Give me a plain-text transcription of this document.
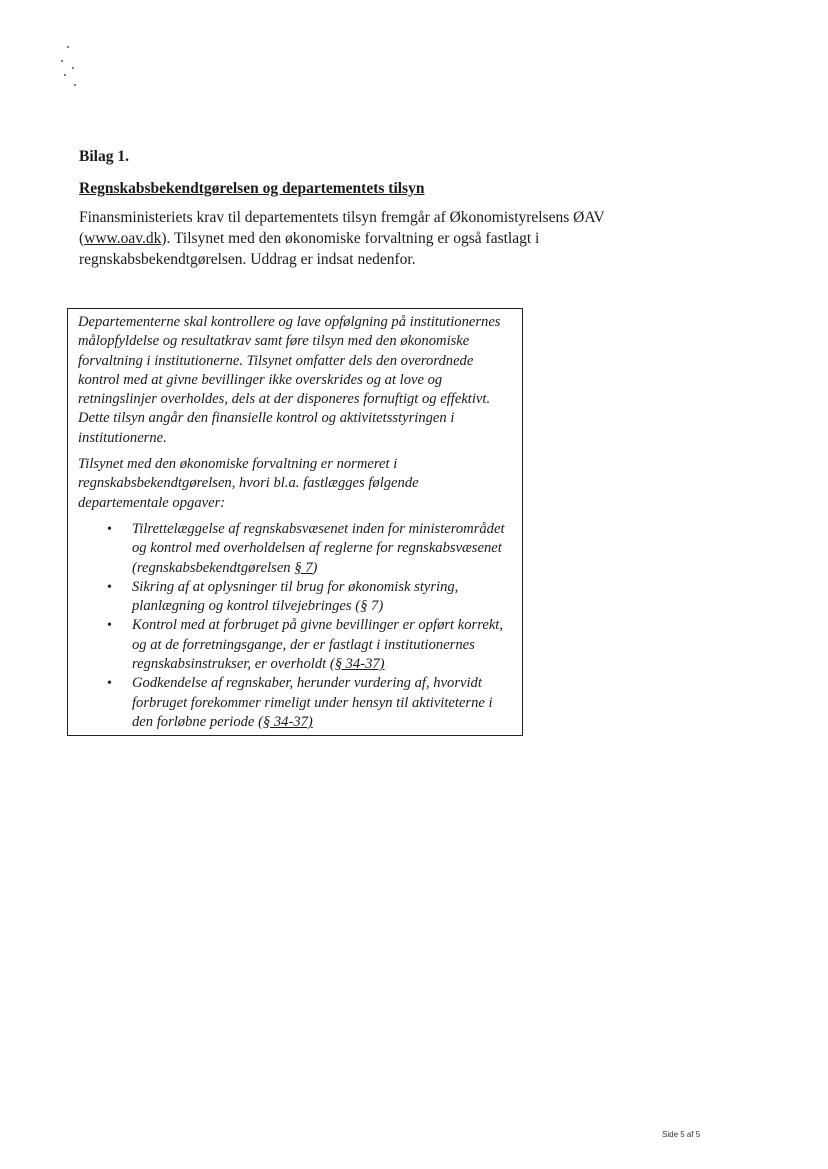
Bilag 1.
Regnskabsbekendtgørelsen og departementets tilsyn
Finansministeriets krav til departementets tilsyn fremgår af Økonomistyrelsens ØAV (www.oav.dk). Tilsynet med den økonomiske forvaltning er også fastlagt i regnskabsbekendtgørelsen. Uddrag er indsat nedenfor.

Departementerne skal kontrollere og lave opfølgning på institutionernes målopfyldelse og resultatkrav samt føre tilsyn med den økonomiske forvaltning i institutionerne. Tilsynet omfatter dels den overordnede kontrol med at givne bevillinger ikke overskrides og at love og retningslinjer overholdes, dels at der disponeres fornuftigt og effektivt. Dette tilsyn angår den finansielle kontrol og aktivitetsstyringen i institutionerne.

Tilsynet med den økonomiske forvaltning er normeret i regnskabsbekendtgørelsen, hvori bl.a. fastlægges følgende departementale opgaver:

• Tilrettelæggelse af regnskabsvæsenet inden for ministerområdet og kontrol med overholdelsen af reglerne for regnskabsvæsenet (regnskabsbekendtgørelsen § 7)
• Sikring af at oplysninger til brug for økonomisk styring, planlægning og kontrol tilvejebringes (§ 7)
• Kontrol med at forbruget på givne bevillinger er opført korrekt, og at de forretningsgange, der er fastlagt i institutionernes regnskabsinstrukser, er overholdt (§ 34-37)
• Godkendelse af regnskaber, herunder vurdering af, hvorvidt forbruget forekommer rimeligt under hensyn til aktiviteterne i den forløbne periode (§ 34-37)
Side 5 af 5
